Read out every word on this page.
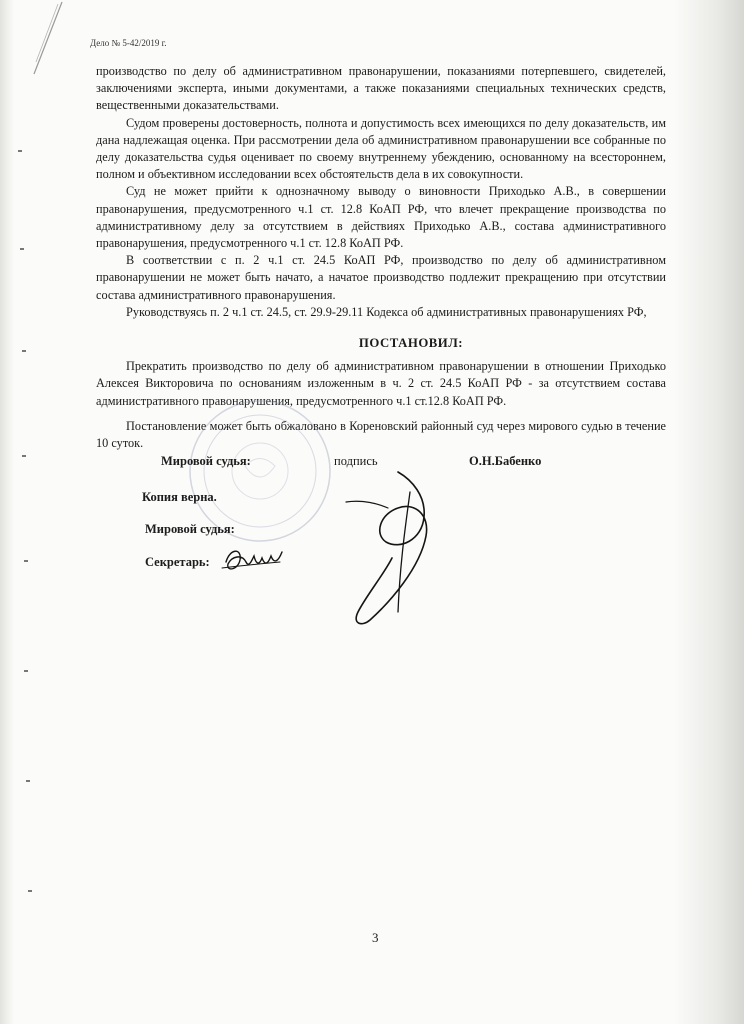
Дело № 5-42/2019 г.

производство по делу об административном правонарушении, показаниями потерпевшего, свидетелей, заключениями эксперта, иными документами, а также показаниями специальных технических средств, вещественными доказательствами.

Судом проверены достоверность, полнота и допустимость всех имеющихся по делу доказательств, им дана надлежащая оценка. При рассмотрении дела об административном правонарушении все собранные по делу доказательства судья оценивает по своему внутреннему убеждению, основанному на всестороннем, полном и объективном исследовании всех обстоятельств дела в их совокупности.

Суд не может прийти к однозначному выводу о виновности Приходько А.В., в совершении правонарушения, предусмотренного ч.1 ст. 12.8 КоАП РФ, что влечет прекращение производства по административному делу за отсутствием в действиях Приходько А.В., состава административного правонарушения, предусмотренного ч.1 ст. 12.8 КоАП РФ.

В соответствии с п. 2 ч.1 ст. 24.5 КоАП РФ, производство по делу об административном правонарушении не может быть начато, а начатое производство подлежит прекращению при отсутствии состава административного правонарушения.

Руководствуясь п. 2 ч.1 ст. 24.5, ст. 29.9-29.11 Кодекса об административных правонарушениях РФ,

ПОСТАНОВИЛ:

Прекратить производство по делу об административном правонарушении в отношении Приходько Алексея Викторовича по основаниям изложенным в ч. 2 ст. 24.5 КоАП РФ - за отсутствием состава административного правонарушения, предусмотренного ч.1 ст.12.8 КоАП РФ.

Постановление может быть обжаловано в Кореновский районный суд через мирового судью в течение 10 суток.

Мировой судья:	подпись	О.Н.Бабенко
Копия верна.
Мировой судья:
Секретарь:
3
